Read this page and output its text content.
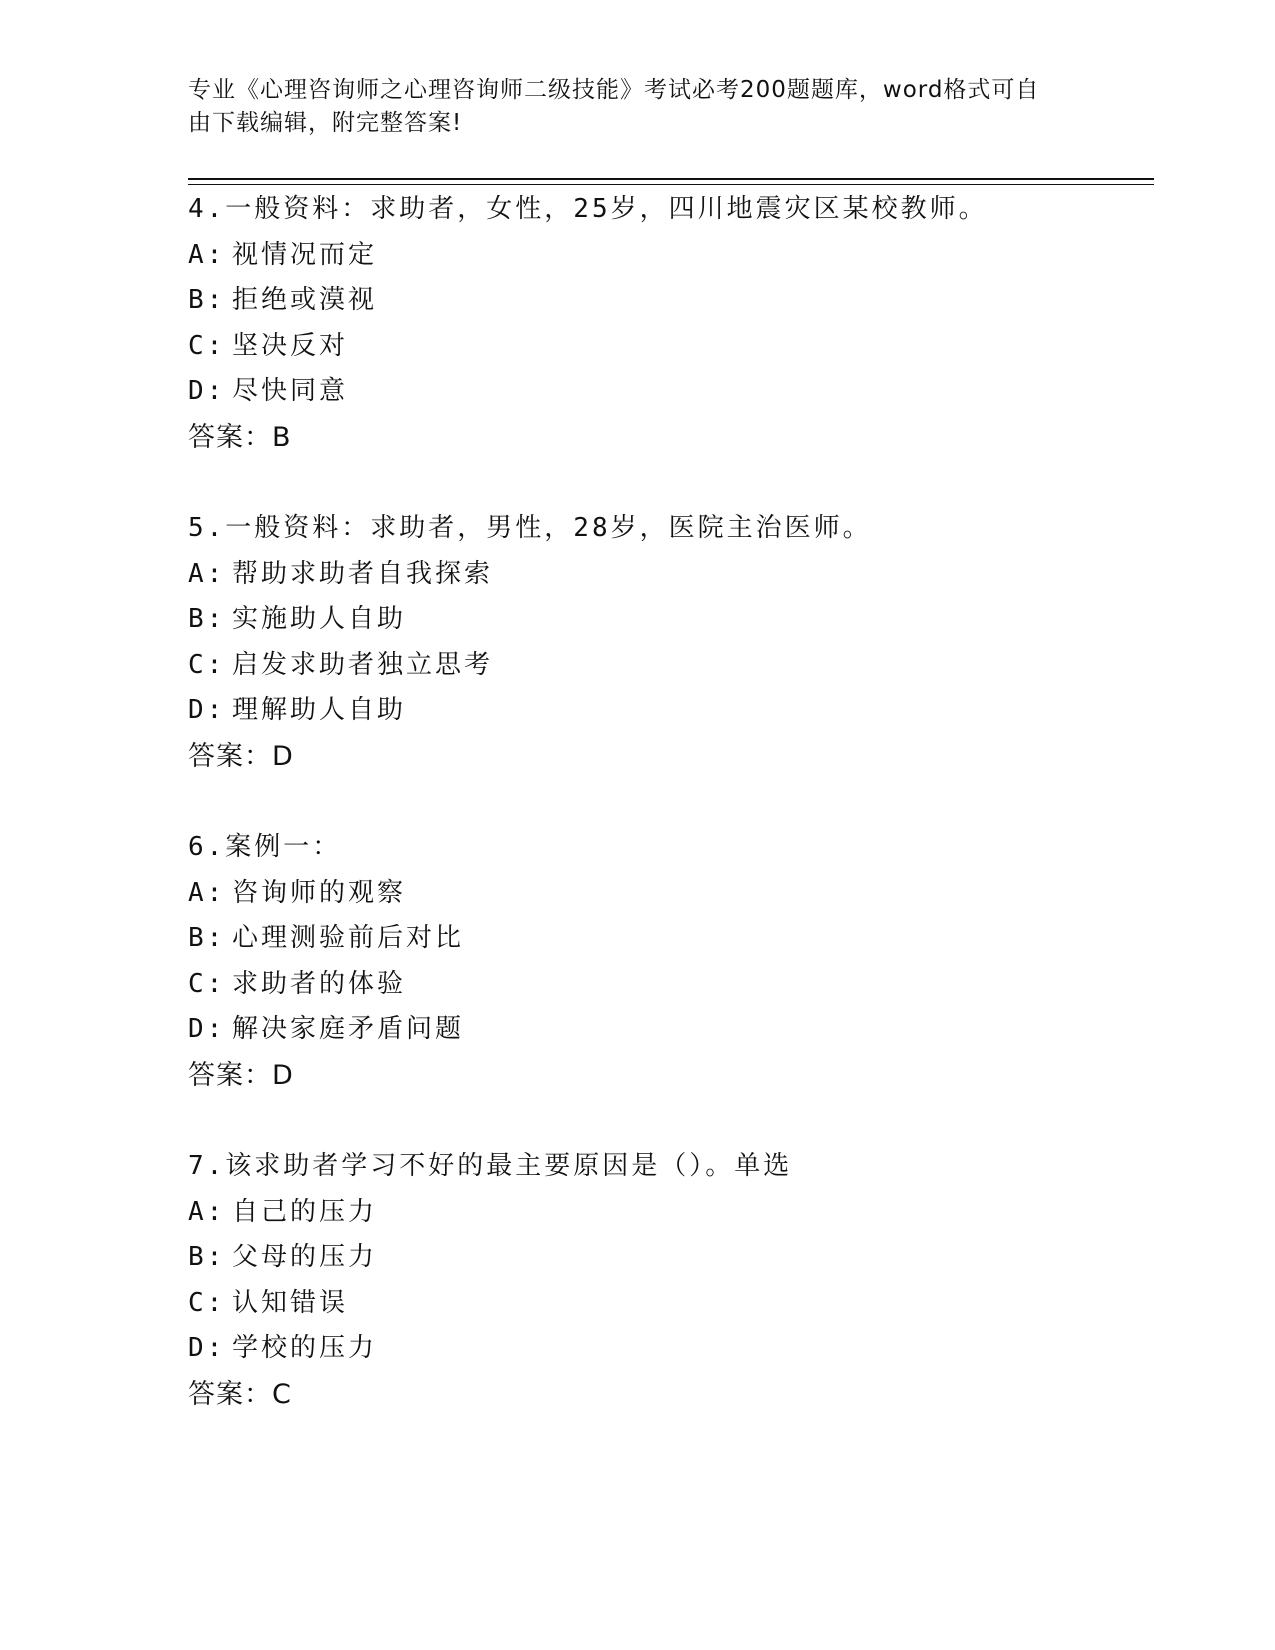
专业《心理咨询师之心理咨询师二级技能》考试必考200题题库，word格式可自
由下载编辑，附完整答案!
4.一般资料：求助者，女性，25岁，四川地震灾区某校教师。
A: 视情况而定
B: 拒绝或漠视
C: 坚决反对
D: 尽快同意
答案：B
5.一般资料：求助者，男性，28岁，医院主治医师。
A: 帮助求助者自我探索
B: 实施助人自助
C: 启发求助者独立思考
D: 理解助人自助
答案：D
6.案例一：
A: 咨询师的观察
B: 心理测验前后对比
C: 求助者的体验
D: 解决家庭矛盾问题
答案：D
7.该求助者学习不好的最主要原因是（）。单选
A: 自己的压力
B: 父母的压力
C: 认知错误
D: 学校的压力
答案：C
